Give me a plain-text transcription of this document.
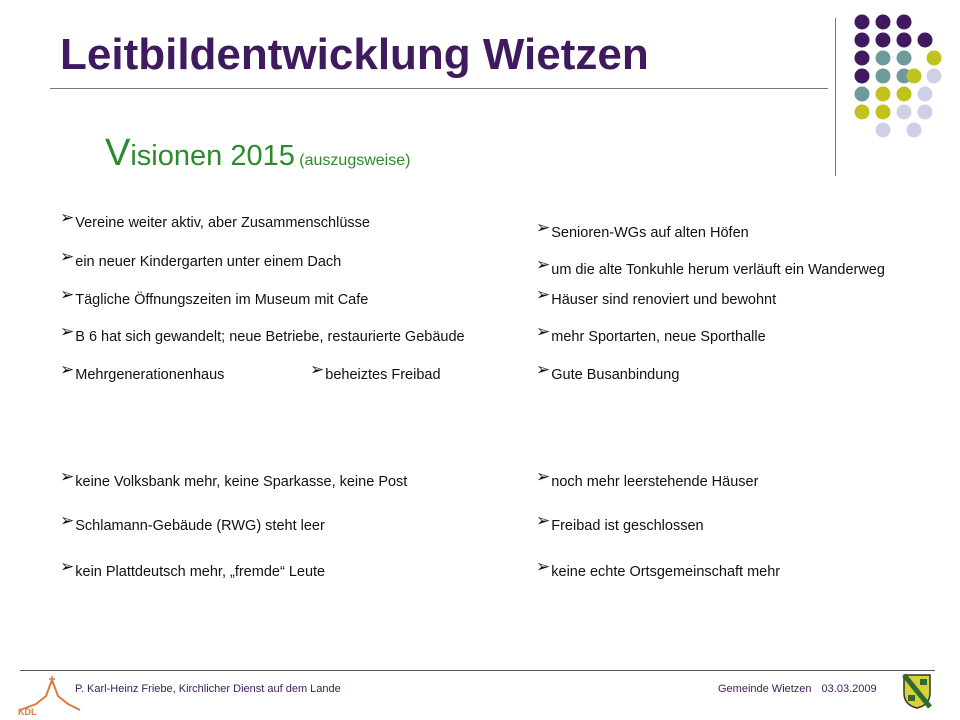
Leitbildentwicklung Wietzen
Visionen 2015 (auszugsweise)
➢Vereine weiter aktiv, aber Zusammenschlüsse
➢ein neuer Kindergarten unter einem Dach
➢Tägliche Öffnungszeiten im Museum mit Cafe
➢B 6 hat sich gewandelt; neue Betriebe, restaurierte Gebäude
➢Mehrgenerationenhaus	➢beheiztes Freibad
➢Senioren-WGs auf alten Höfen
➢um die alte Tonkuhle herum verläuft ein Wanderweg
➢Häuser sind renoviert und bewohnt
➢mehr Sportarten, neue Sporthalle
➢Gute Busanbindung
➢keine Volksbank mehr, keine Sparkasse, keine Post
➢Schlamann-Gebäude (RWG) steht leer
➢kein Plattdeutsch mehr, „fremde“ Leute
➢noch mehr leerstehende Häuser
➢Freibad ist geschlossen
➢keine echte Ortsgemeinschaft mehr
KDL
P. Karl-Heinz Friebe, Kirchlicher Dienst auf dem Lande	Gemeinde Wietzen 03.03.2009
